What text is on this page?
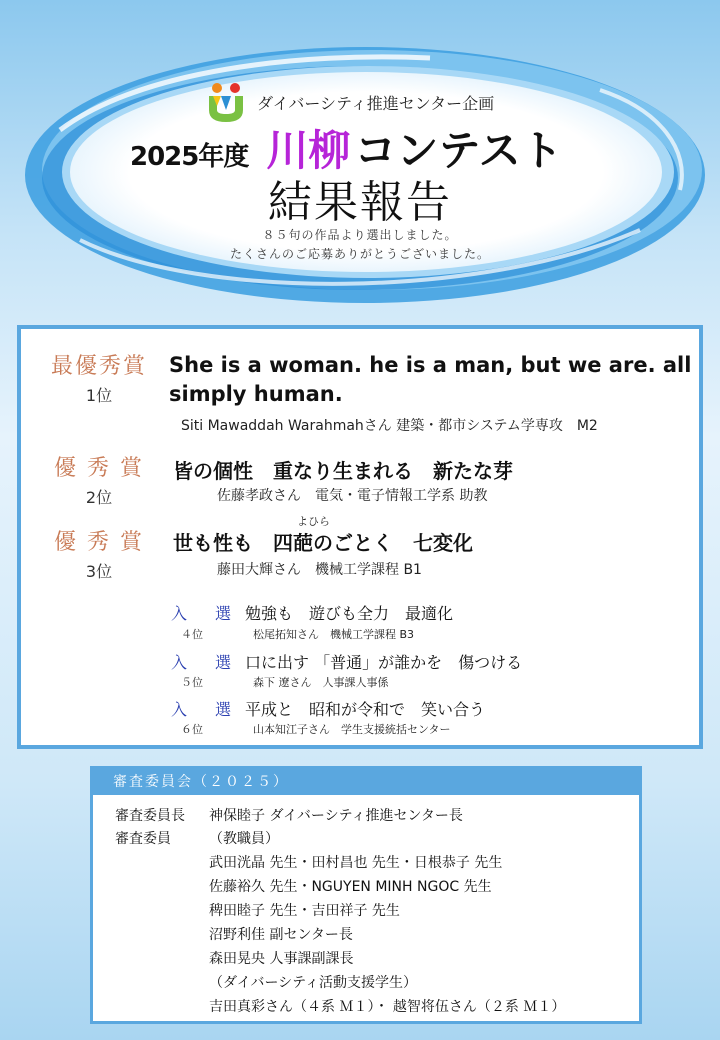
ダイバーシティ推進センター企画
2025年度 川柳 コンテスト
結果報告
８５句の作品より選出しました。
たくさんのご応募ありがとうございました。
最優秀賞
1位
She is a woman. he is a man, but we are. all simply human.
Siti Mawaddah Warahmahさん 建築・都市システム学専攻　M2
優 秀 賞
2位
皆の個性　重なり生まれる　新たな芽
佐藤孝政さん　電気・電子情報工学系 助教
優 秀 賞
3位
よひら
世も性も　四葩のごとく　七変化
藤田大輝さん　機械工学課程 B1
入　選 勉強も　遊びも全力　最適化
４位	松尾拓知さん　機械工学課程 B3
入　選 口に出す 「普通」が誰かを　傷つける
５位	森下 遼さん　人事課人事係
入　選 平成と　昭和が令和で　笑い合う
６位	山本知江子さん　学生支援統括センター
審査委員会（２０２５）
審査委員長 神保睦子 ダイバーシティ推進センター長
審査委員	（教職員）
武田洸晶 先生・田村昌也 先生・日根恭子 先生
佐藤裕久 先生・NGUYEN MINH NGOC 先生
稗田睦子 先生・吉田祥子 先生
沼野利佳 副センター長
森田晃央 人事課副課長
（ダイバーシティ活動支援学生）
吉田真彩さん（４系 Ｍ１）・ 越智将伍さん（２系 Ｍ１）
